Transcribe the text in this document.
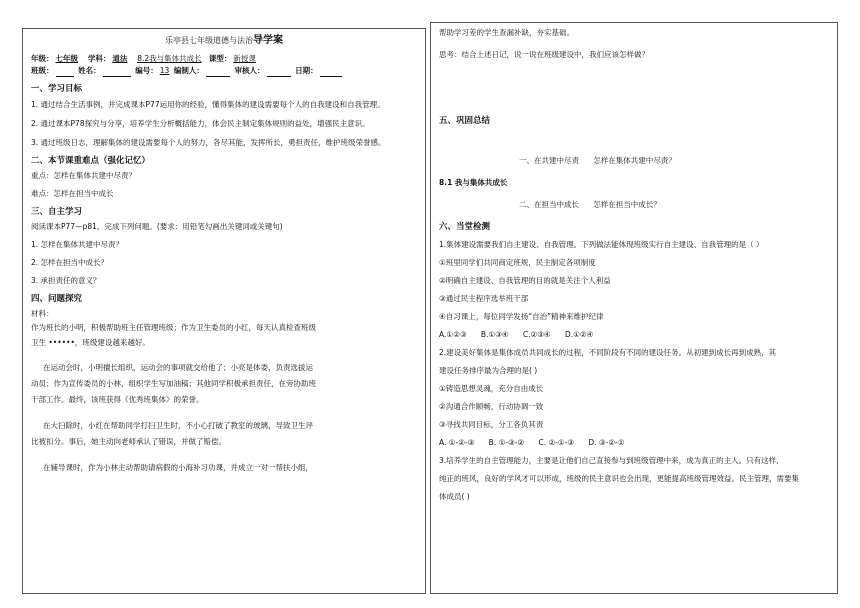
乐亭县七年级道德与法治导学案

年级： 七年级 学科： 道法 8.2我与集体共成长 课型： 新授课

班级：	姓名：	编号： 13 编制人：	审核人：	日期：

一、学习目标

1. 通过结合生活事例，并完成课本P77运用你的经验，懂得集体的建设需要每个人的自我建设和自我管理。

2. 通过课本P78探究与分享，培养学生分析概括能力，体会民主制定集体规则的益处，增强民主意识。

3. 通过班级日志，理解集体的建设需要每个人的努力，各尽其能，发挥所长，勇担责任，维护班级荣誉感。

二、本节课重难点（强化记忆）

重点：怎样在集体共建中尽责？

难点：怎样在担当中成长

三、自主学习

阅读课本P77—p81，完成下列问题。(要求：用铅笔勾画出关键词或关键句)

1. 怎样在集体共建中尽责？

2. 怎样在担当中成长？

3. 承担责任的意义？

四、问题探究

材料：

作为班长的小明，积极帮助班主任管理班级；作为卫生委员的小红，每天认真检查班级

卫生 ••••••，班级建设越来越好。

在运动会时，小明擅长组织，运动会的事项就交给他了；小亮是体委，负责选拔运

动员；作为宣传委员的小林，组织学生写加油稿；其他同学积极承担责任，在旁协助班

干部工作。最终，该班获得《优秀班集体》的荣誉。

在大扫除时，小红在帮助同学打扫卫生时，不小心打破了教室的玻璃，导致卫生评

比被扣分。事后，她主动向老师承认了错误，并做了赔偿。

在辅导课时，作为小林主动帮助请病假的小海补习功课，并成立一对一帮扶小组，

帮助学习差的学生查漏补缺，夯实基础。

思考：结合上述日记，说一说在班级建设中，我们应该怎样做？

五、巩固总结

一、在共建中尽责 怎样在集体共建中尽责？

8.1 我与集体共成长

二、在担当中成长 怎样在担当中成长？

六、当堂检测

1.集体建设需要我们自主建设、自我管理。下列做法能体现班级实行自主建设、自我管理的是（ ）

①班里同学们共同商定班规，民主制定各项制度

②明确自主建设、自我管理的目的就是关注个人利益

③通过民主程序选举班干部

④自习课上，每位同学发扬“自治”精神来维护纪律

A.①②③      B.①③④      C.②③④      D.①②④

2.建设美好集体是集体成员共同成长的过程，不同阶段有不同的建设任务。从初建到成长再到成熟，其

建设任务排序最为合理的是( )

①铸造思想灵魂，充分自由成长

②沟通合作顺畅，行动协调一致

③寻找共同目标，分工各负其责

A. ①-②-③      B. ①-③-②      C. ②-①-③      D. ③-②-①

3.培养学生的自主管理能力，主要是让他们自己直接参与到班级管理中来，成为真正的主人。只有这样,

纯正的班风，良好的学风才可以形成，班级的民主意识也会出现，更能提高班级管理效益。民主管理，需要集

体成员( )
